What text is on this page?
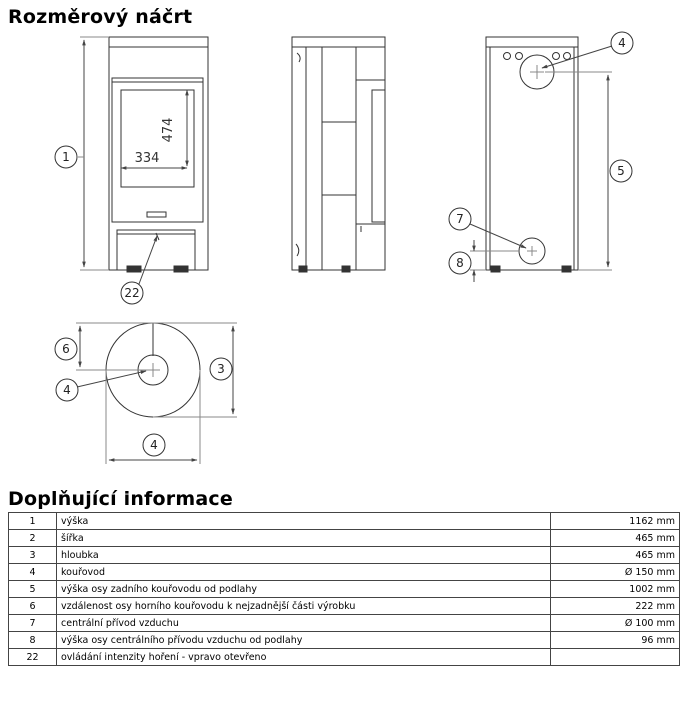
Rozměrový náčrt
474
334
1
22
4
5
7
8
6
4
3
4
Doplňující informace
1	výška	1162 mm
2	šířka	465 mm
3	hloubka	465 mm
4	kouřovod	Ø 150 mm
5	výška osy zadního kouřovodu od podlahy	1002 mm
6	vzdálenost osy horního kouřovodu k nejzadnější části výrobku	222 mm
7	centrální přívod vzduchu	Ø 100 mm
8	výška osy centrálního přívodu vzduchu od podlahy	96 mm
22	ovládání intenzity hoření - vpravo otevřeno	
